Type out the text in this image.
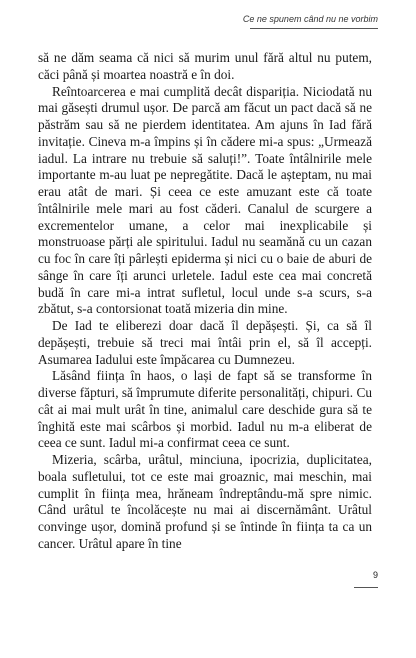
Ce ne spunem când nu ne vorbim

să ne dăm seama că nici să murim unul fără altul nu putem, căci până și moartea noastră e în doi.

Reîntoarcerea e mai cumplită decât dispariția. Niciodată nu mai găsești drumul ușor. De parcă am făcut un pact dacă să ne păstrăm sau să ne pierdem identitatea. Am ajuns în Iad fără invitație. Cineva m-a împins și în cădere mi-a spus: „Urmează iadul. La intrare nu trebuie să saluți!”. Toate întâlnirile mele importante m-au luat pe nepregătite. Dacă le așteptam, nu mai erau atât de mari. Și ceea ce este amuzant este că toate întâlnirile mele mari au fost căderi. Canalul de scurgere a excrementelor umane, a celor mai inexplicabile și monstruoase părți ale spiritului. Iadul nu seamănă cu un cazan cu foc în care îți pârlești epiderma și nici cu o baie de aburi de sânge în care îți arunci urletele. Iadul este cea mai concretă budă în care mi-a intrat sufletul, locul unde s-a scurs, s-a zbătut, s-a contorsionat toată mizeria din mine.

De Iad te eliberezi doar dacă îl depășești. Și, ca să îl depășești, trebuie să treci mai întâi prin el, să îl accepți. Asumarea Iadului este împăcarea cu Dumnezeu.

Lăsând ființa în haos, o lași de fapt să se transforme în diverse făpturi, să împrumute diferite personalități, chipuri. Cu cât ai mai mult urât în tine, animalul care deschide gura să te înghită este mai scârbos și morbid. Iadul nu m-a eliberat de ceea ce sunt. Iadul mi-a confirmat ceea ce sunt.

Mizeria, scârba, urâtul, minciuna, ipocrizia, duplicitatea, boala sufletului, tot ce este mai groaznic, mai meschin, mai cumplit în ființa mea, hrăneam îndreptându-mă spre nimic. Când urâtul te încolăcește nu mai ai discernământ. Urâtul convinge ușor, domină profund și se întinde în ființa ta ca un cancer. Urâtul apare în tine

9
